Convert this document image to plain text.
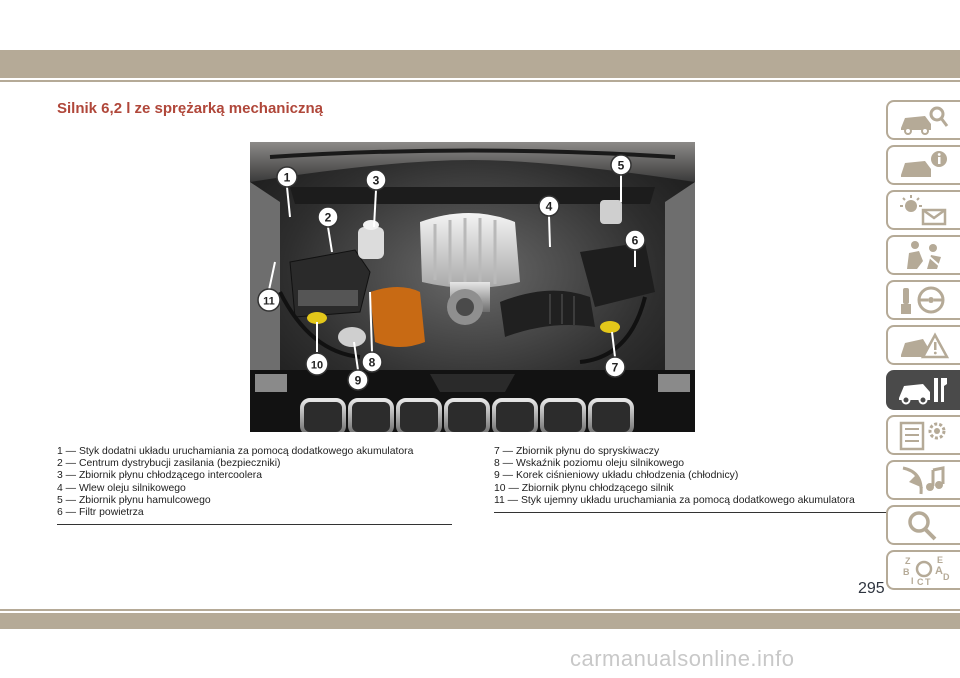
Silnik 6,2 l ze sprężarką mechaniczną
1
2
3
4
5
6
7
8
9
10
11
1 — Styk dodatni układu uruchamiania za pomocą dodatkowego akumulatora
2 — Centrum dystrybucji zasilania (bezpieczniki)
3 — Zbiornik płynu chłodzącego intercoolera
4 — Wlew oleju silnikowego
5 — Zbiornik płynu hamulcowego
6 — Filtr powietrza
7 — Zbiornik płynu do spryskiwaczy
8 — Wskaźnik poziomu oleju silnikowego
9 — Korek ciśnieniowy układu chłodzenia (chłodnicy)
10 — Zbiornik płynu chłodzącego silnik
11 — Styk ujemny układu uruchamiania za pomocą dodatkowego akumulatora
Z	E
B A
I C T D
295
carmanualsonline.info
